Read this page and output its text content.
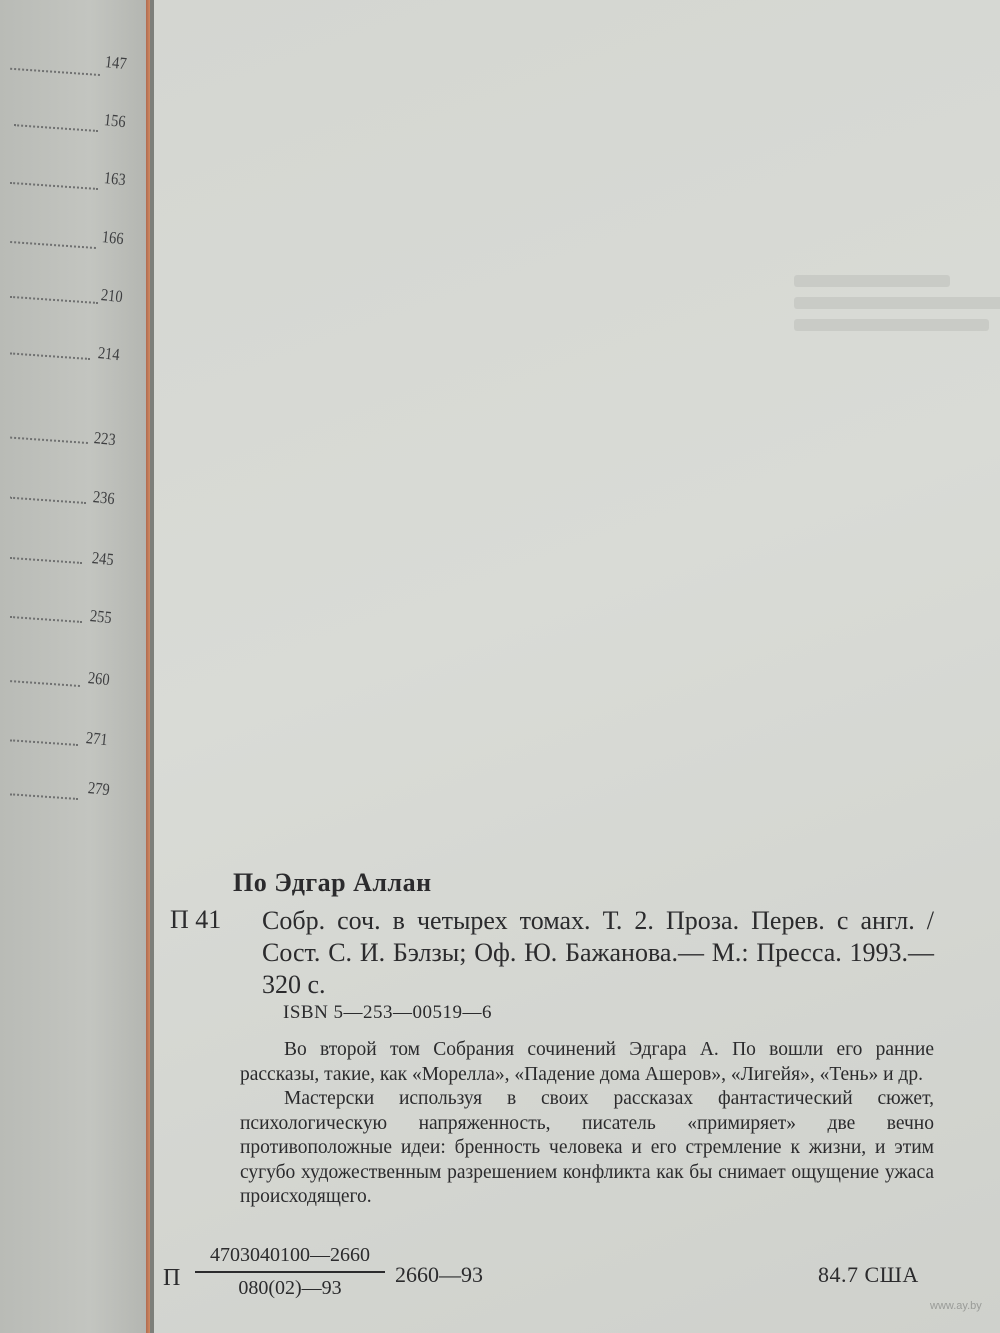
147
156
163
166
210
214
223
236
245
255
260
271
279
По Эдгар Аллан
П 41 Собр. соч. в четырех томах. Т. 2. Проза. Перев. с англ. / Сост. С. И. Бэлзы; Оф. Ю. Бажанова.— М.: Пресса. 1993.—320 с.
ISBN 5—253—00519—6

Во второй том Собрания сочинений Эдгара А. По вошли его ранние рассказы, такие, как «Морелла», «Падение дома Ашеров», «Лигейя», «Тень» и др.

Мастерски используя в своих рассказах фантастический сюжет, психологическую напряженность, писатель «примиряет» две вечно противоположные идеи: бренность человека и его стремление к жизни, и этим сугубо художественным разрешением конфликта как бы снимает ощущение ужаса происходящего.

П $\frac{4703040100—2660}{080(02)—93}$ 2660—93	84.7 США
www.ay.by
